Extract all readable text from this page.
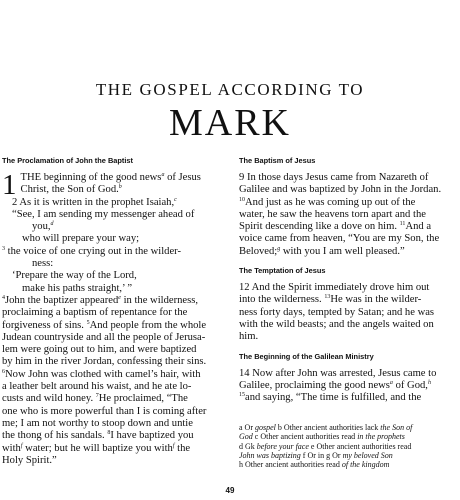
THE GOSPEL ACCORDING TO
MARK
The Proclamation of John the Baptist
1 THE beginning of the good news$^a$ of Jesus
Christ, the Son of God.$^b$
2 As it is written in the prophet Isaiah,$^c$
“See, I am sending my messenger ahead of
you,$^d$
who will prepare your way;
$^3$ the voice of one crying out in the wilder-
ness:
‘Prepare the way of the Lord,
make his paths straight,’ ”
$^4$John the baptizer appeared$^e$ in the wilderness,
proclaiming a baptism of repentance for the
forgiveness of sins. $^5$And people from the whole
Judean countryside and all the people of Jerusa-
lem were going out to him, and were baptized
by him in the river Jordan, confessing their sins.
$^6$Now John was clothed with camel’s hair, with
a leather belt around his waist, and he ate lo-
custs and wild honey. $^7$He proclaimed, “The
one who is more powerful than I is coming after
me; I am not worthy to stoop down and untie
the thong of his sandals. $^8$I have baptized you
with$^f$ water; but he will baptize you with$^f$ the
Holy Spirit.”
The Baptism of Jesus
9 In those days Jesus came from Nazareth of
Galilee and was baptized by John in the Jordan.
$^{10}$And just as he was coming up out of the
water, he saw the heavens torn apart and the
Spirit descending like a dove on him. $^{11}$And a
voice came from heaven, “You are my Son, the
Beloved;$^g$ with you I am well pleased.”
The Temptation of Jesus
12 And the Spirit immediately drove him out
into the wilderness. $^{13}$He was in the wilder-
ness forty days, tempted by Satan; and he was
with the wild beasts; and the angels waited on
him.
The Beginning of the Galilean Ministry
14 Now after John was arrested, Jesus came to
Galilee, proclaiming the good news$^a$ of God,$^h$
$^{15}$and saying, “The time is fulfilled, and the
a Or gospel b Other ancient authorities lack the Son of
God c Other ancient authorities read in the prophets
d Gk before your face e Other ancient authorities read
John was baptizing f Or in g Or my beloved Son
h Other ancient authorities read of the kingdom
49
